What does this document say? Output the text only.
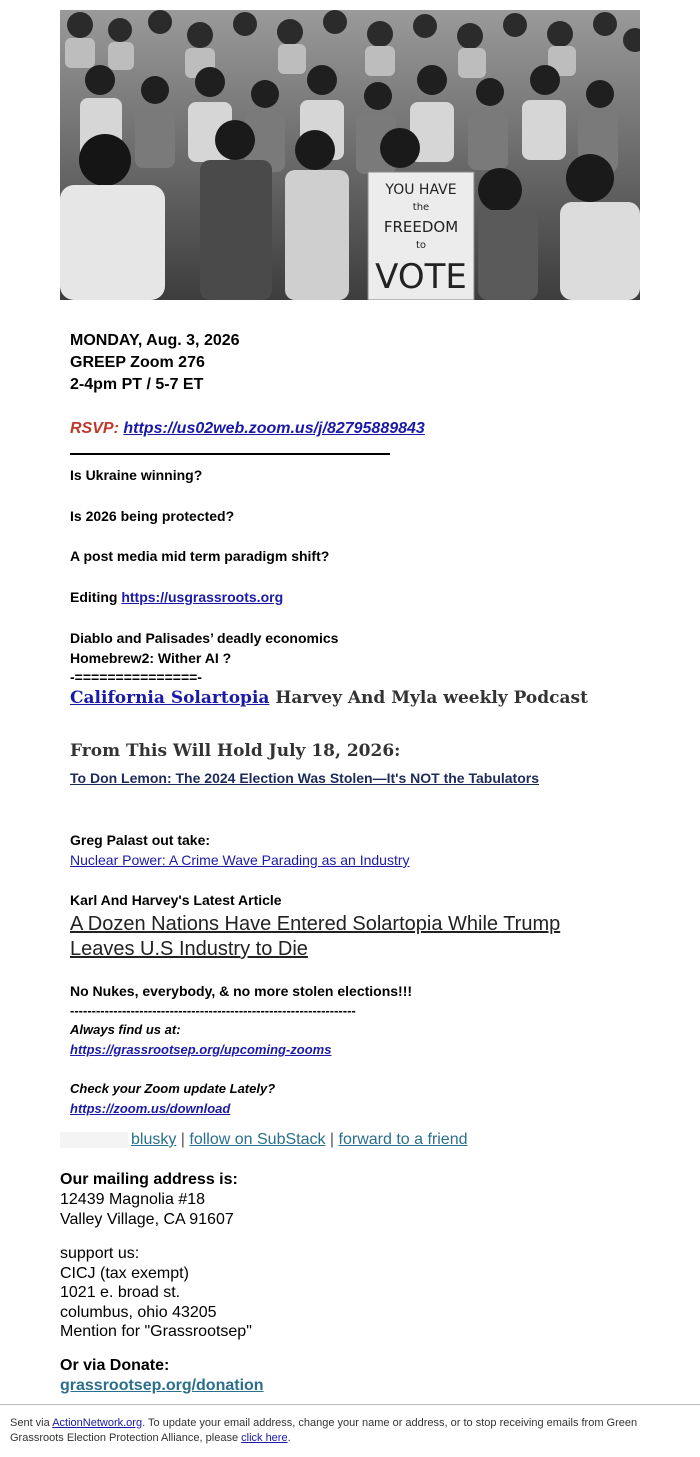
YOU HAVE
the
FREEDOM
to
VOTE
MONDAY, Aug. 3, 2026
GREEP Zoom 276
2-4pm PT / 5-7 ET
RSVP: https://us02web.zoom.us/j/82795889843
Is Ukraine winning?
Is 2026 being protected?
A post media mid term paradigm shift?
Editing https://usgrassroots.org
Diablo and Palisades’ deadly economics
Homebrew2: Wither AI ?
-===============-
California Solartopia Harvey And Myla weekly Podcast
From This Will Hold July 18, 2026:
To Don Lemon: The 2024 Election Was Stolen—It's NOT the Tabulators
Greg Palast out take:
Nuclear Power: A Crime Wave Parading as an Industry
Karl And Harvey's Latest Article
A Dozen Nations Have Entered Solartopia While Trump Leaves U.S Industry to Die
No Nukes, everybody, & no more stolen elections!!!
------------------------------------------------------------------
Always find us at:
https://grassrootsep.org/upcoming-zooms
Check your Zoom update Lately?
https://zoom.us/download
blusky | follow on SubStack | forward to a friend
Our mailing address is:
12439 Magnolia #18
Valley Village, CA 91607
support us:
CICJ (tax exempt)
1021 e. broad st.
columbus, ohio 43205
Mention for "Grassrootsep"
Or via Donate:
grassrootsep.org/donation

Sent via ActionNetwork.org. To update your email address, change your name or address, or to stop receiving emails from Green Grassroots Election Protection Alliance, please click here.
